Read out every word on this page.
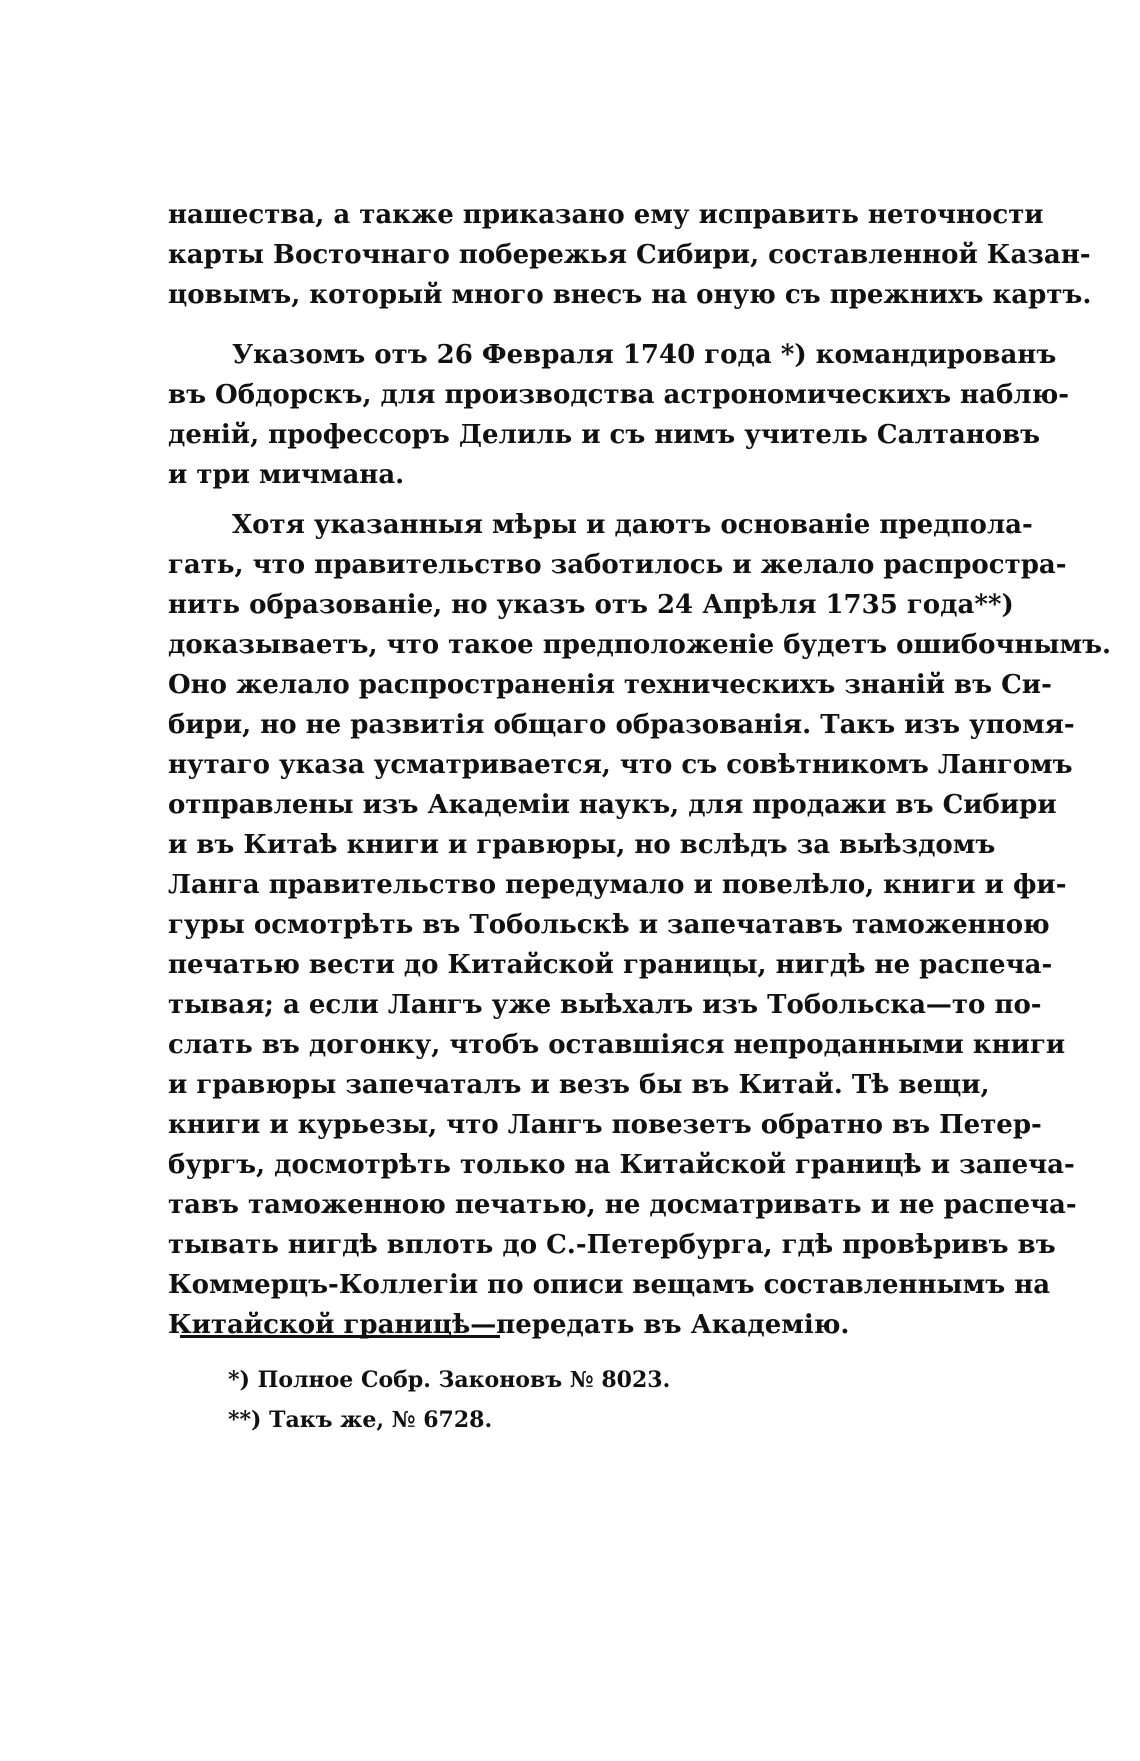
нашества, а также приказано ему исправить неточности
карты Восточнаго побережья Сибири, составленной Казан-
цовымъ, который много внесъ на оную съ прежнихъ картъ.
Указомъ отъ 26 Февраля 1740 года *) командированъ
въ Обдорскъ, для производства астрономическихъ наблю-
деній, профессоръ Делиль и съ нимъ учитель Салтановъ
и три мичмана.
Хотя указанныя мѣры и даютъ основаніе предпола-
гать, что правительство заботилось и желало распростра-
нить образованіе, но указъ отъ 24 Апрѣля 1735 года**)
доказываетъ, что такое предположеніе будетъ ошибочнымъ.
Оно желало распространенія техническихъ знаній въ Си-
бири, но не развитія общаго образованія. Такъ изъ упомя-
нутаго указа усматривается, что съ совѣтникомъ Лангомъ
отправлены изъ Академіи наукъ, для продажи въ Сибири
и въ Китаѣ книги и гравюры, но вслѣдъ за выѣздомъ
Ланга правительство передумало и повелѣло, книги и фи-
гуры осмотрѣть въ Тобольскѣ и запечатавъ таможенною
печатью вести до Китайской границы, нигдѣ не распеча-
тывая; а если Лангъ уже выѣхалъ изъ Тобольска—то по-
слать въ догонку, чтобъ оставшіяся непроданными книги
и гравюры запечаталъ и везъ бы въ Китай. Тѣ вещи,
книги и курьезы, что Лангъ повезетъ обратно въ Петер-
бургъ, досмотрѣть только на Китайской границѣ и запеча-
тавъ таможенною печатью, не досматривать и не распеча-
тывать нигдѣ вплоть до С.-Петербурга, гдѣ провѣривъ въ
Коммерцъ-Коллегіи по описи вещамъ составленнымъ на
Китайской границѣ—передать въ Академію.
*) Полное Собр. Законовъ № 8023.
**) Такъ же, № 6728.
